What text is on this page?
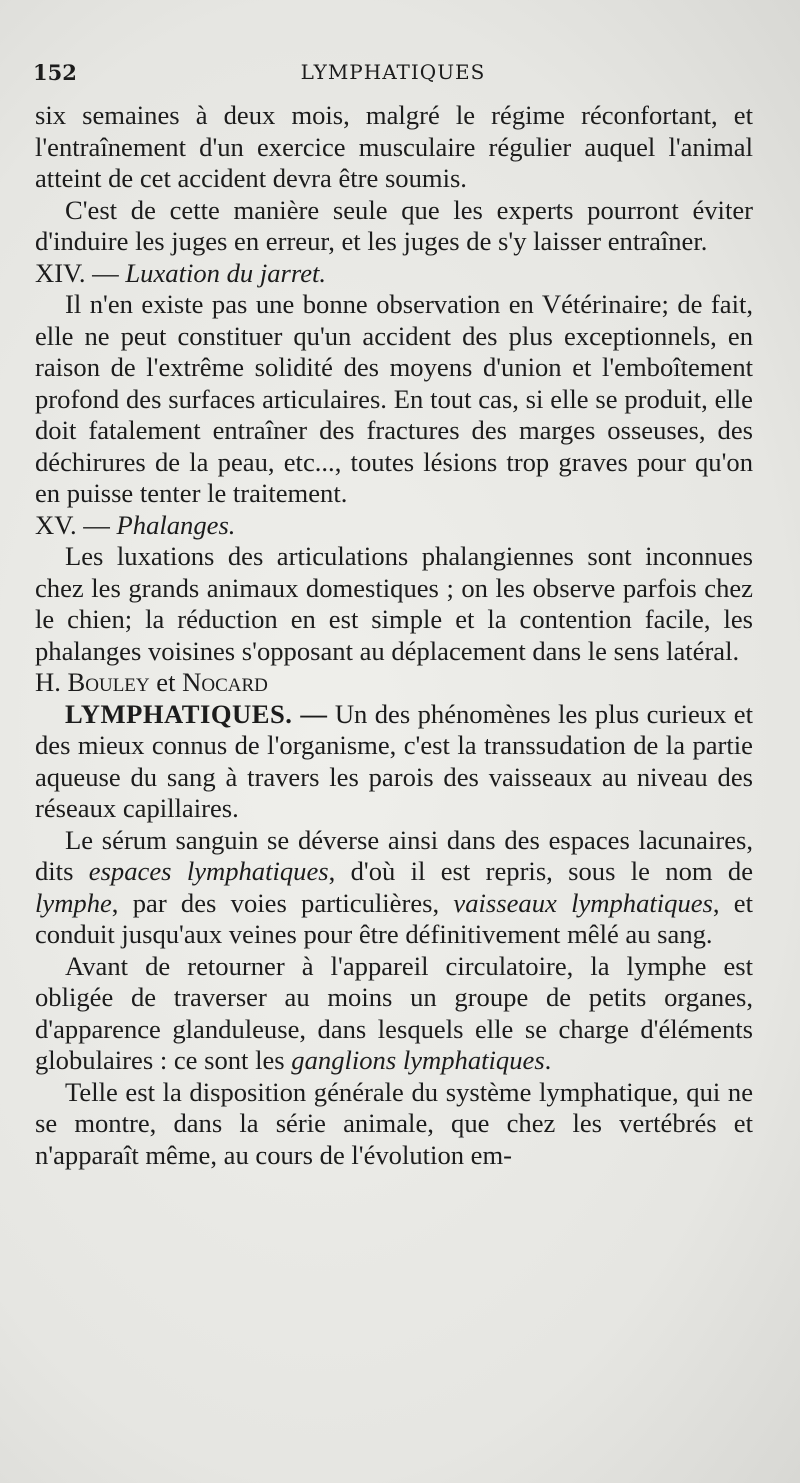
152	LYMPHATIQUES

six semaines à deux mois, malgré le régime réconfortant, et l'entraînement d'un exercice musculaire régulier auquel l'animal atteint de cet accident devra être soumis.

C'est de cette manière seule que les experts pourront éviter d'induire les juges en erreur, et les juges de s'y laisser entraîner.

XIV. — Luxation du jarret.

Il n'en existe pas une bonne observation en Vétérinaire; de fait, elle ne peut constituer qu'un accident des plus exceptionnels, en raison de l'extrême solidité des moyens d'union et l'emboîtement profond des surfaces articulaires. En tout cas, si elle se produit, elle doit fatalement entraîner des fractures des marges osseuses, des déchirures de la peau, etc..., toutes lésions trop graves pour qu'on en puisse tenter le traitement.

XV. — Phalanges.

Les luxations des articulations phalangiennes sont inconnues chez les grands animaux domestiques ; on les observe parfois chez le chien; la réduction en est simple et la contention facile, les phalanges voisines s'opposant au déplacement dans le sens latéral.

H. Bouley et Nocard

LYMPHATIQUES. — Un des phénomènes les plus curieux et des mieux connus de l'organisme, c'est la transsudation de la partie aqueuse du sang à travers les parois des vaisseaux au niveau des réseaux capillaires.

Le sérum sanguin se déverse ainsi dans des espaces lacunaires, dits espaces lymphatiques, d'où il est repris, sous le nom de lymphe, par des voies particulières, vaisseaux lymphatiques, et conduit jusqu'aux veines pour être définitivement mêlé au sang.

Avant de retourner à l'appareil circulatoire, la lymphe est obligée de traverser au moins un groupe de petits organes, d'apparence glanduleuse, dans lesquels elle se charge d'éléments globulaires : ce sont les ganglions lymphatiques.

Telle est la disposition générale du système lymphatique, qui ne se montre, dans la série animale, que chez les vertébrés et n'apparaît même, au cours de l'évolution em-
